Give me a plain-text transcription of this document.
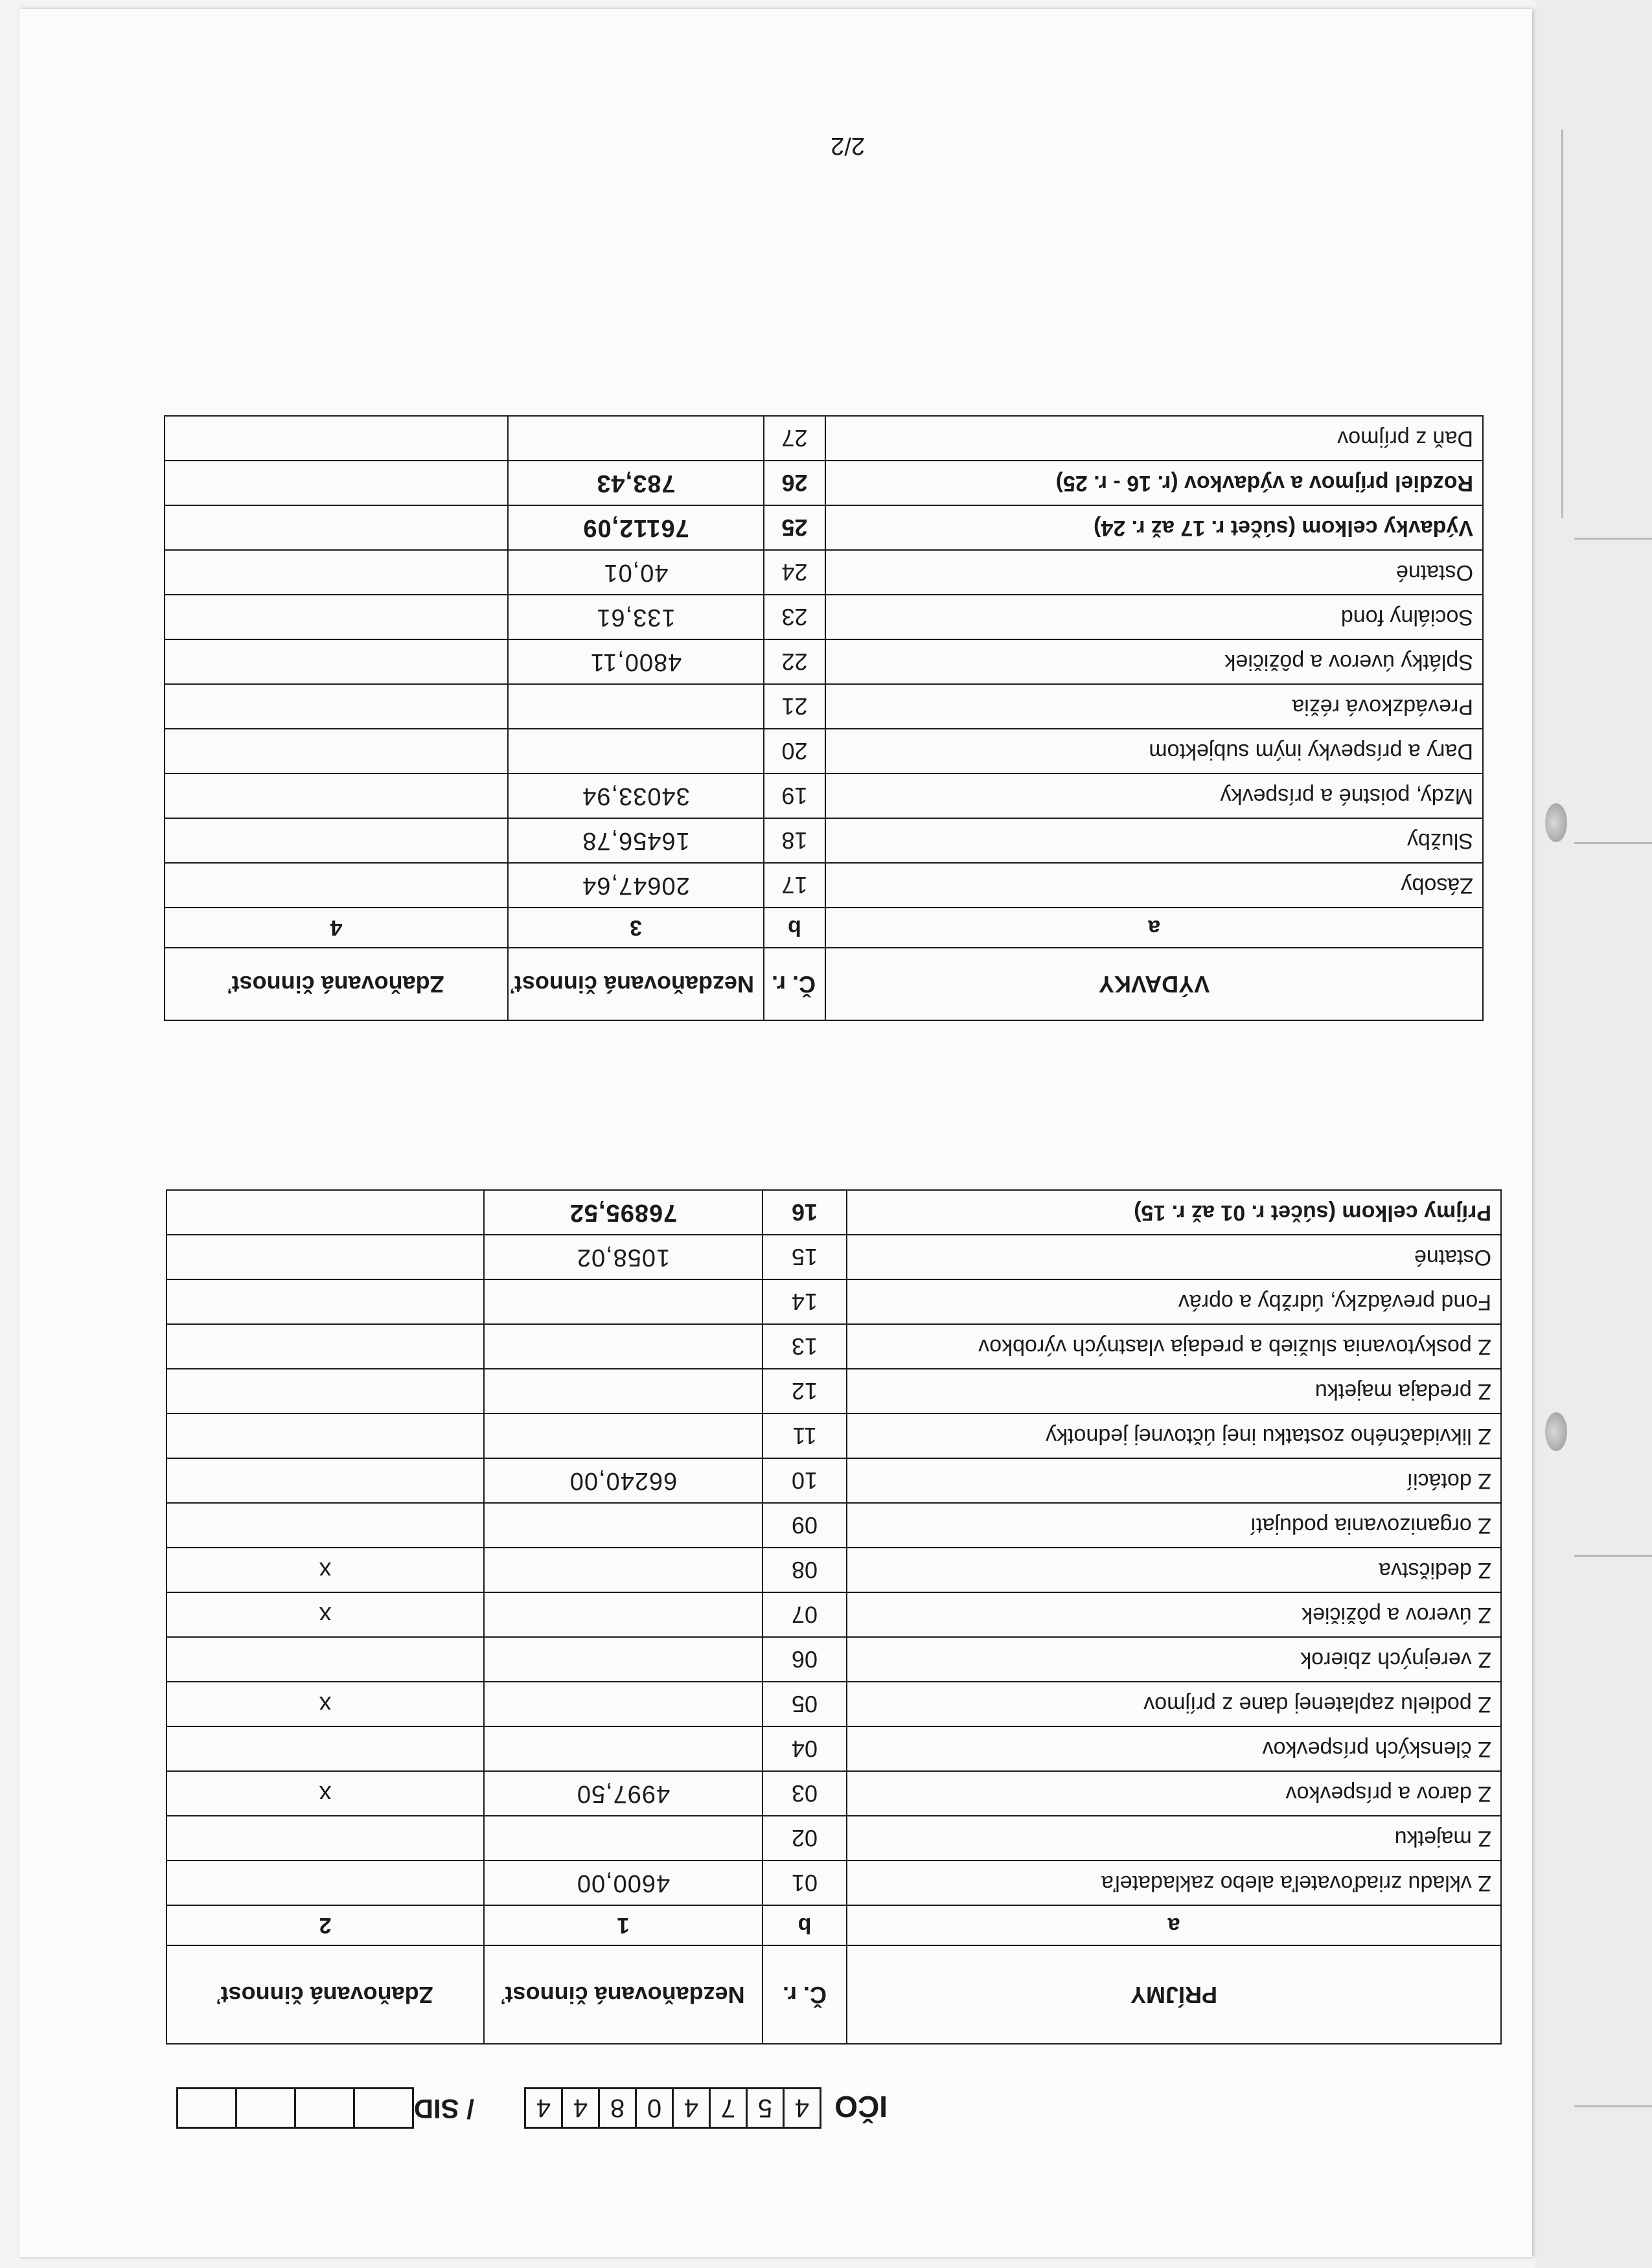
IČO
4
5
7
4
0
8
4
4
/ SID
PRÍJMY	Č. r.	Nezdaňovaná činnosť	Zdaňovaná činnosť
a	b	1	2
Z vkladu zriaďovateľa alebo zakladateľa	01	4600,00	
Z majetku	02		
Z darov a príspevkov	03	4997,50	x
Z členských príspevkov	04		
Z podielu zaplatenej dane z príjmov	05		x
Z verejných zbierok	06		
Z úverov a pôžičiek	07		x
Z dedičstva	08		x
Z organizovania podujatí	09		
Z dotácií	10	66240,00	
Z likvidačného zostatku inej účtovnej jednotky	11		
Z predaja majetku	12		
Z poskytovania služieb a predaja vlastných výrobkov	13		
Fond prevádzky, údržby a opráv	14		
Ostatné	15	1058,02	
Príjmy celkom (súčet r. 01 až r. 15)	16	76895,52	
VÝDAVKY	Č. r.	Nezdaňovaná činnosť	Zdaňovaná činnosť
a	b	3	4
Zásoby	17	20647,64	
Služby	18	16456,78	
Mzdy, poistné a príspevky	19	34033,94	
Dary a príspevky iným subjektom	20		
Prevádzková réžia	21		
Splátky úverov a pôžičiek	22	4800,11	
Sociálny fond	23	133,61	
Ostatné	24	40,01	
Výdavky celkom (súčet r. 17 až r. 24)	25	76112,09	
Rozdiel príjmov a výdavkov (r. 16 - r. 25)	26	783,43	
Daň z príjmov	27		
2/2
